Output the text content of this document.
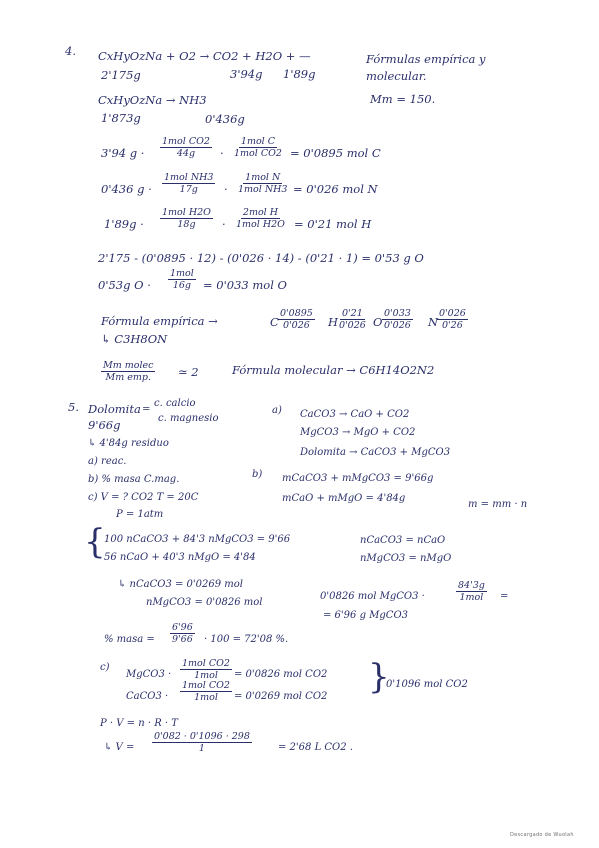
4. CxHyOzNa + O2 → CO2 + H2O + —
2'175g	3'94g 1'89g
Fórmulas empírica y
molecular.
Mm = 150.
CxHyOzNa → NH3
1'873g	0'436g
3'94 g ·
1mol CO2
44g ·
1mol C
1mol CO2 = 0'0895 mol C
0'436 g ·
1mol NH3
17g ·
1mol N
1mol NH3 = 0'026 mol N
1'89g ·
1mol H2O
18g ·
2mol H
1mol H2O = 0'21 mol H
2'175 - (0'0895 · 12) - (0'026 · 14) - (0'21 · 1) = 0'53 g O
0'53g O ·
1mol
16g = 0'033 mol O
Fórmula empírica →	C $\frac{0'0895}{0'026}$ H
$\frac{0'21}{0'026}$ O $\frac{0'033}{0'026}$ N
$\frac{0'026}{0'26}$
↳ C3H8ON
Mm molec
Mm emp. ≃ 2	Fórmula molecular → C6H14O2N2
5. Dolomita =
c. calcio
c. magnesio
9'66g
↳ 4'84g residuo
a) reac.
b) % masa C.mag.
c) V = ? CO2 T = 20C
P = 1atm
a) CaCO3 → CaO + CO2
MgCO3 → MgO + CO2
Dolomita → CaCO3 + MgCO3
b) mCaCO3 + mMgCO3 = 9'66g
mCaO + mMgO = 4'84g
m = mm · n
{
100 nCaCO3 + 84'3 nMgCO3 = 9'66
56 nCaO + 40'3 nMgO = 4'84
nCaCO3 = nCaO
nMgCO3 = nMgO
↳ nCaCO3 = 0'0269 mol
nMgCO3 = 0'0826 mol
0'0826 mol MgCO3 ·
84'3g
1mol =
= 6'96 g MgCO3
% masa = $\frac{6'96}{9'66} \cdot 100 = 72'08$ %.
c)
MgCO3 ·
1mol CO2
1mol = 0'0826 mol CO2
CaCO3 ·
1mol CO2
1mol = 0'0269 mol CO2 }
0'1096 mol CO2
P · V = n · R · T
↳ $V = \frac{0'082 \cdot 0'1096 \cdot 298}{1}$	= 2'68 L CO2 .
Descargado de Wuolah
